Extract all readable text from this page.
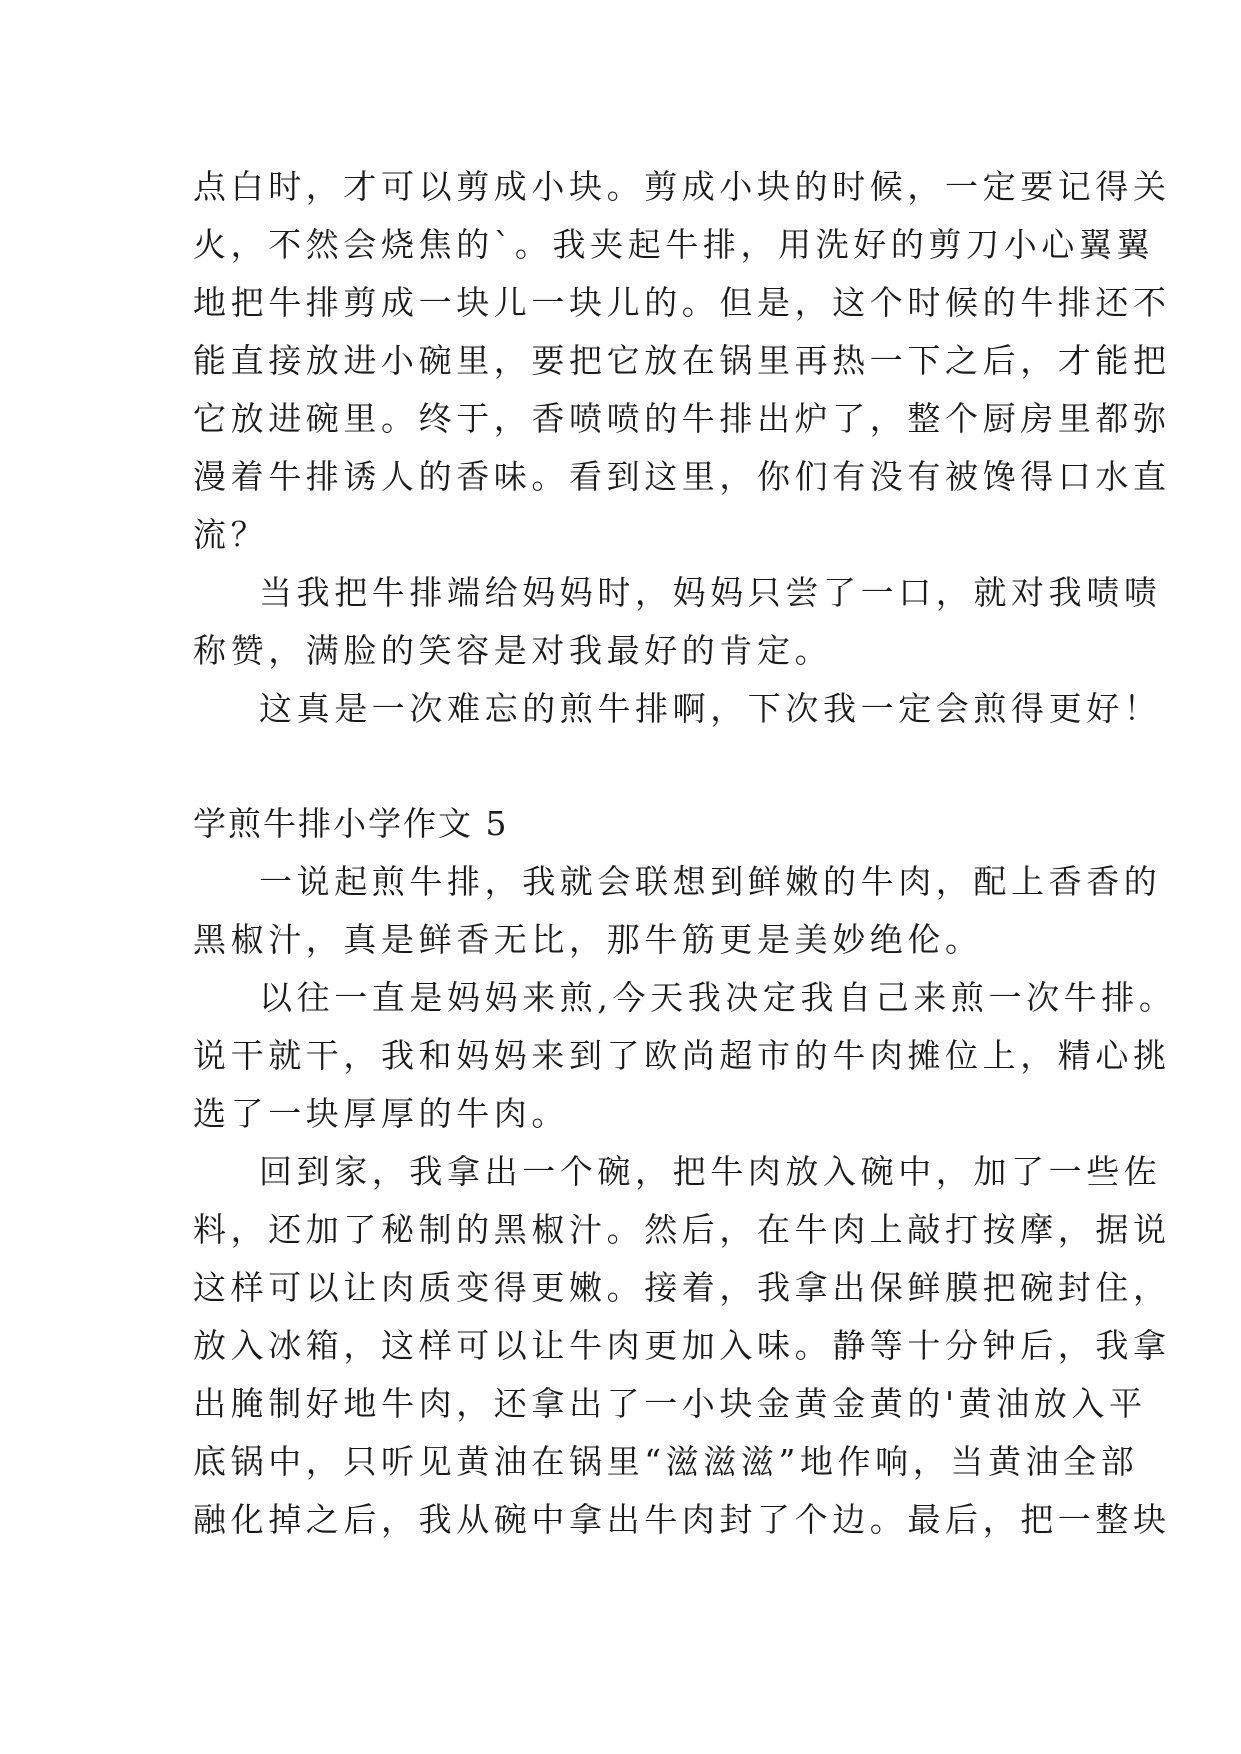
点白时，才可以剪成小块。剪成小块的时候，一定要记得关
火，不然会烧焦的`。我夹起牛排，用洗好的剪刀小心翼翼
地把牛排剪成一块儿一块儿的。但是，这个时候的牛排还不
能直接放进小碗里，要把它放在锅里再热一下之后，才能把
它放进碗里。终于，香喷喷的牛排出炉了，整个厨房里都弥
漫着牛排诱人的香味。看到这里，你们有没有被馋得口水直
流？
当我把牛排端给妈妈时，妈妈只尝了一口，就对我啧啧
称赞，满脸的笑容是对我最好的肯定。
这真是一次难忘的煎牛排啊，下次我一定会煎得更好！
学煎牛排小学作文 5
一说起煎牛排，我就会联想到鲜嫩的牛肉，配上香香的
黑椒汁，真是鲜香无比，那牛筋更是美妙绝伦。
以往一直是妈妈来煎,今天我决定我自己来煎一次牛排。
说干就干，我和妈妈来到了欧尚超市的牛肉摊位上，精心挑
选了一块厚厚的牛肉。
回到家，我拿出一个碗，把牛肉放入碗中，加了一些佐
料，还加了秘制的黑椒汁。然后，在牛肉上敲打按摩，据说
这样可以让肉质变得更嫩。接着，我拿出保鲜膜把碗封住，
放入冰箱，这样可以让牛肉更加入味。静等十分钟后，我拿
出腌制好地牛肉，还拿出了一小块金黄金黄的'黄油放入平
底锅中，只听见黄油在锅里“滋滋滋”地作响，当黄油全部
融化掉之后，我从碗中拿出牛肉封了个边。最后，把一整块
